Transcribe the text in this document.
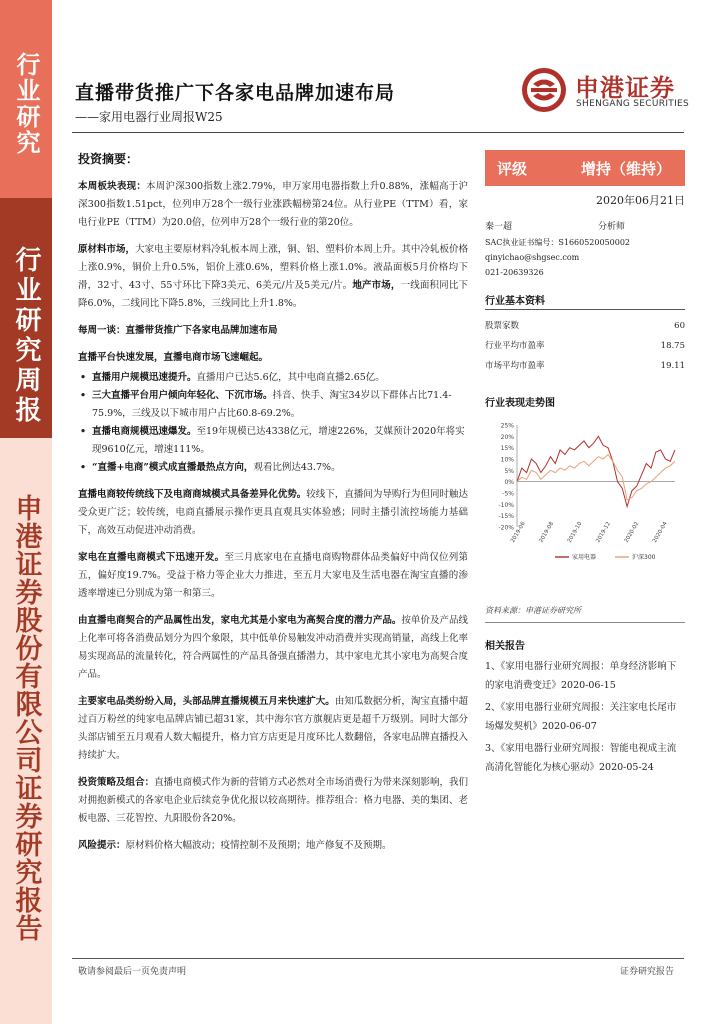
行业研究
行业研究周报
申港证券股份有限公司证券研究报告
直播带货推广下各家电品牌加速布局
——家用电器行业周报W25
申港证券
SHENGANG SECURITIES
投资摘要：

本周板块表现：本周沪深300指数上涨2.79%，申万家用电器指数上升0.88%，涨幅高于沪深300指数1.51pct，位列申万28个一级行业涨跌幅榜第24位。从行业PE（TTM）看，家电行业PE（TTM）为20.0倍，位列申万28个一级行业的第20位。

原材料市场，大家电主要原材料冷轧板本周上涨，铜、铝、塑料价本周上升。其中冷轧板价格上涨0.9%，铜价上升0.5%，铝价上涨0.6%，塑料价格上涨1.0%。液晶面板5月价格均下滑，32寸、43寸、55寸环比下降3美元、6美元/片及5美元/片。地产市场，一线面积同比下降6.0%，二线同比下降5.8%，三线同比上升1.8%。

每周一谈：直播带货推广下各家电品牌加速布局

直播平台快速发展，直播电商市场飞速崛起。

• 直播用户规模迅速提升。直播用户已达5.6亿，其中电商直播2.65亿。
• 三大直播平台用户倾向年轻化、下沉市场。抖音、快手、淘宝34岁以下群体占比71.4-75.9%，三线及以下城市用户占比60.8-69.2%。
• 直播电商规模迅速爆发。至19年规模已达4338亿元，增速226%，艾媒预计2020年将实现9610亿元，增速111%。
• “直播+电商”模式成直播最热点方向，观看比例达43.7%。

直播电商较传统线下及电商商城模式具备差异化优势。较线下，直播间为导购行为但同时触达受众更广泛；较传统，电商直播展示操作更具直观具实体验感；同时主播引流控场能力基础下，高效互动促进冲动消费。

家电在直播电商模式下迅速开发。至三月底家电在直播电商购物群体品类偏好中尚仅位列第五，偏好度19.7%。受益于格力等企业大力推进，至五月大家电及生活电器在淘宝直播的渗透率增速已分别成为第一和第三。

由直播电商契合的产品属性出发，家电尤其是小家电为高契合度的潜力产品。按单价及产品线上化率可将各消费品划分为四个象限，其中低单价易触发冲动消费并实现高销量，高线上化率易实现高品的流量转化，符合两属性的产品具备强直播潜力，其中家电尤其小家电为高契合度产品。

主要家电品类纷纷入局，头部品牌直播规模五月来快速扩大。由知瓜数据分析，淘宝直播中超过百万粉丝的纯家电品牌店铺已超31家，其中海尔官方旗舰店更是超千万级别。同时大部分头部店铺至五月观看人数大幅提升，格力官方店更是月度环比人数翻倍，各家电品牌直播投入持续扩大。

投资策略及组合：直播电商模式作为新的营销方式必然对全市场消费行为带来深刻影响，我们对拥抱新模式的各家电企业后续竞争优化报以较高期待。推荐组合：格力电器、美的集团、老板电器、三花智控、九阳股份各20%。

风险提示：原材料价格大幅波动；疫情控制不及预期；地产修复不及预期。

评级	增持（维持）
2020年06月21日
秦一超	分析师
SAC执业证书编号：S1660520050002
qinyichao@shgsec.com
021-20639326
行业基本资料
股票家数	60
行业平均市盈率	18.75
市场平均市盈率	19.11
行业表现走势图
25%
20%
15%
10%
5%
0%
-5%
-10%
-15%
-20%
2019-06 2019-08 2019-10 2019-12 2020-02 2020-04
家用电器	沪深300
资料来源：申港证券研究所
相关报告
1、《家用电器行业研究周报：单身经济影响下的家电消费变迁》2020-06-15
2、《家用电器行业研究周报：关注家电长尾市场爆发契机》2020-06-07
3、《家用电器行业研究周报：智能电视成主流 高清化智能化为核心驱动》2020-05-24
敬请参阅最后一页免责声明	证券研究报告
